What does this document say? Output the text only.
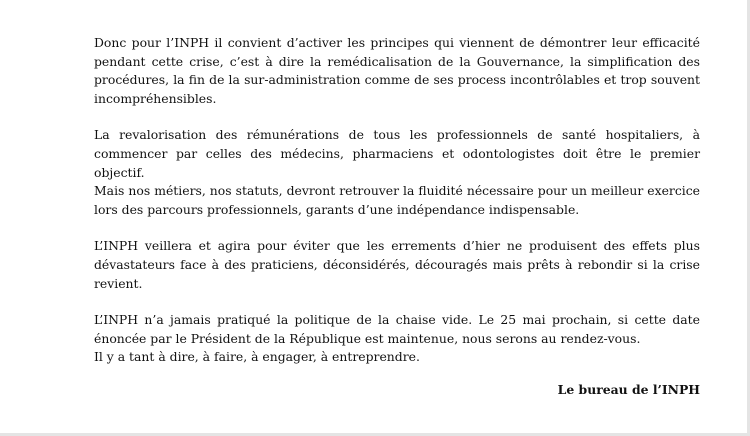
Donc pour l’INPH il convient d’activer les principes qui viennent de démontrer leur efficacité pendant cette crise, c’est à dire la remédicalisation de la Gouvernance, la simplification des procédures, la fin de la sur-administration comme de ses process incontrôlables et trop souvent incompréhensibles.

La revalorisation des rémunérations de tous les professionnels de santé hospitaliers, à commencer par celles des médecins, pharmaciens et odontologistes doit être le premier objectif.

Mais nos métiers, nos statuts, devront retrouver la fluidité nécessaire pour un meilleur exercice lors des parcours professionnels, garants d’une indépendance indispensable.

L’INPH veillera et agira pour éviter que les errements d’hier ne produisent des effets plus dévastateurs face à des praticiens, déconsidérés, découragés mais prêts à rebondir si la crise revient.

L’INPH n’a jamais pratiqué la politique de la chaise vide. Le 25 mai prochain, si cette date énoncée par le Président de la République est maintenue, nous serons au rendez-vous.

Il y a tant à dire, à faire, à engager, à entreprendre.

Le bureau de l’INPH
